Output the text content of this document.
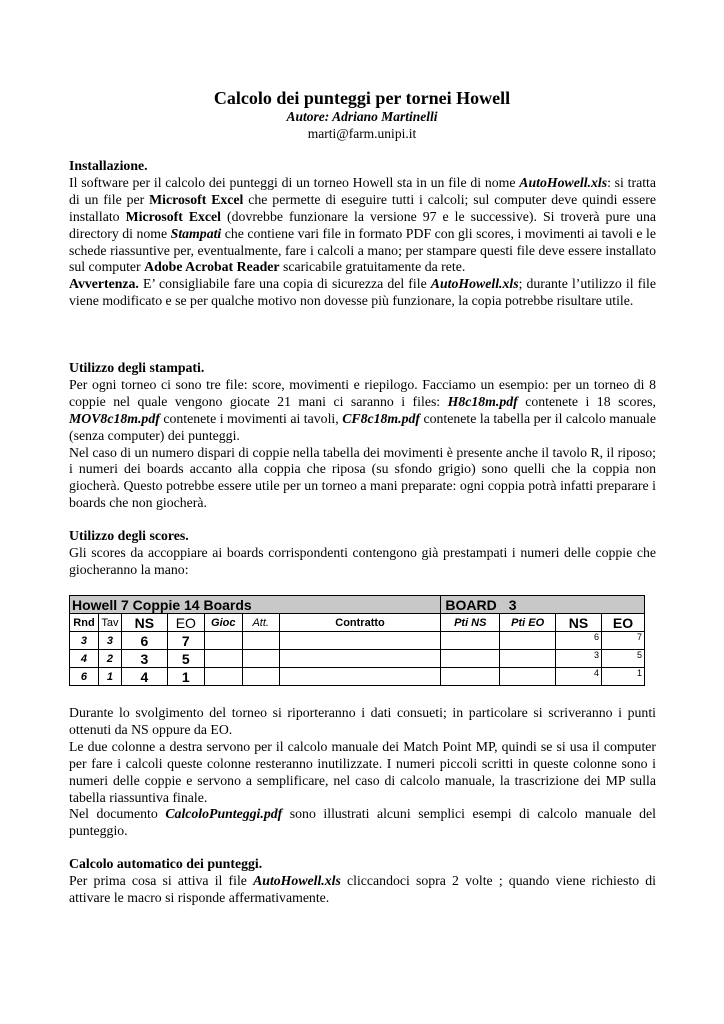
Calcolo dei punteggi per tornei Howell
Autore: Adriano Martinelli
marti@farm.unipi.it

Installazione.

Il software per il calcolo dei punteggi di un torneo Howell sta in un file di nome AutoHowell.xls: si tratta di un file per Microsoft Excel che permette di eseguire tutti i calcoli; sul computer deve quindi essere installato Microsoft Excel (dovrebbe funzionare la versione 97 e le successive). Si troverà pure una directory di nome Stampati che contiene vari file in formato PDF con gli scores, i movimenti ai tavoli e le schede riassuntive per, eventualmente, fare i calcoli a mano; per stampare questi file deve essere installato sul computer Adobe Acrobat Reader scaricabile gratuitamente da rete.

Avvertenza. E’ consigliabile fare una copia di sicurezza del file AutoHowell.xls; durante l’utilizzo il file viene modificato e se per qualche motivo non dovesse più funzionare, la copia potrebbe risultare utile.

Utilizzo degli stampati.

Per ogni torneo ci sono tre file: score, movimenti e riepilogo. Facciamo un esempio: per un torneo di 8 coppie nel quale vengono giocate 21 mani ci saranno i files: H8c18m.pdf contenete i 18 scores, MOV8c18m.pdf contenete i movimenti ai tavoli, CF8c18m.pdf contenete la tabella per il calcolo manuale (senza computer) dei punteggi.

Nel caso di un numero dispari di coppie nella tabella dei movimenti è presente anche il tavolo R, il riposo; i numeri dei boards accanto alla coppia che riposa (su sfondo grigio) sono quelli che la coppia non giocherà. Questo potrebbe essere utile per un torneo a mani preparate: ogni coppia potrà infatti preparare i boards che non giocherà.

Utilizzo degli scores.

Gli scores da accoppiare ai boards corrispondenti contengono già prestampati i numeri delle coppie che giocheranno la mano:

Howell 7 Coppie 14 Boards							BOARD 3			
Rnd	Tav	NS	EO	Gioc	Att.	Contratto	Pti NS	Pti EO	NS	EO
3	3	6	7						6	7
4	2	3	5						3	5
6	1	4	1						4	1

Durante lo svolgimento del torneo si riporteranno i dati consueti; in particolare si scriveranno i punti ottenuti da NS oppure da EO.

Le due colonne a destra servono per il calcolo manuale dei Match Point MP, quindi se si usa il computer per fare i calcoli queste colonne resteranno inutilizzate. I numeri piccoli scritti in queste colonne sono i numeri delle coppie e servono a semplificare, nel caso di calcolo manuale, la trascrizione dei MP sulla tabella riassuntiva finale.

Nel documento CalcoloPunteggi.pdf sono illustrati alcuni semplici esempi di calcolo manuale del punteggio.

Calcolo automatico dei punteggi.

Per prima cosa si attiva il file AutoHowell.xls cliccandoci sopra 2 volte ; quando viene richiesto di attivare le macro si risponde affermativamente.
